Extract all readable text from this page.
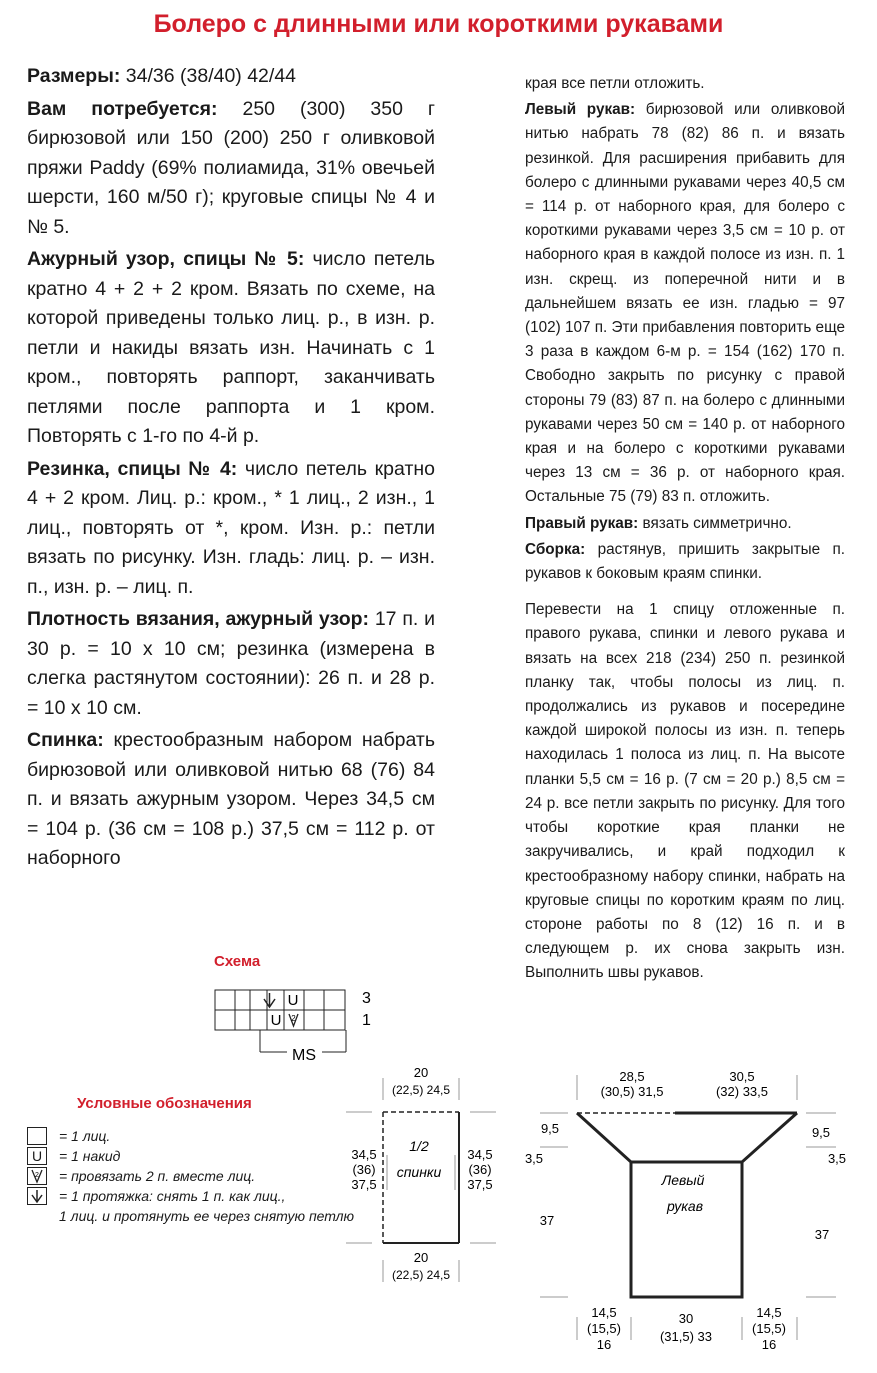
Болеро с длинными или короткими рукавами

Размеры: 34/36 (38/40) 42/44

Вам потребуется: 250 (300) 350 г бирюзовой или 150 (200) 250 г оливковой пряжи Paddy (69% полиамида, 31% овечьей шерсти, 160 м/50 г); круговые спицы № 4 и № 5.

Ажурный узор, спицы № 5: число петель кратно 4 + 2 + 2 кром. Вязать по схеме, на которой приведены только лиц. р., в изн. р. петли и накиды вязать изн. Начинать с 1 кром., повторять раппорт, заканчивать петлями после раппорта и 1 кром. Повторять с 1-го по 4-й р.

Резинка, спицы № 4: число петель кратно 4 + 2 кром. Лиц. р.: кром., * 1 лиц., 2 изн., 1 лиц., повторять от *, кром. Изн. р.: петли вязать по рисунку. Изн. гладь: лиц. р. – изн. п., изн. р. – лиц. п.

Плотность вязания, ажурный узор: 17 п. и 30 р. = 10 х 10 см; резинка (измерена в слегка растянутом состоянии): 26 п. и 28 р. = 10 х 10 см.

Спинка: крестообразным набором набрать бирюзовой или оливковой нитью 68 (76) 84 п. и вязать ажурным узором. Через 34,5 см = 104 р. (36 см = 108 р.) 37,5 см = 112 р. от наборного

края все петли отложить.

Левый рукав: бирюзовой или оливковой нитью набрать 78 (82) 86 п. и вязать резинкой. Для расширения прибавить для болеро с длинными рукавами через 40,5 см = 114 р. от наборного края, для болеро с короткими рукавами через 3,5 см = 10 р. от наборного края в каждой полосе из изн. п. 1 изн. скрещ. из поперечной нити и в дальнейшем вязать ее изн. гладью = 97 (102) 107 п. Эти прибавления повторить еще 3 раза в каждом 6-м р. = 154 (162) 170 п. Свободно закрыть по рисунку с правой стороны 79 (83) 87 п. на болеро с длинными рукавами через 50 см = 140 р. от наборного края и на болеро с короткими рукавами через 13 см = 36 р. от наборного края. Остальные 75 (79) 83 п. отложить.

Правый рукав: вязать симметрично.

Сборка: растянув, пришить закрытые п. рукавов к боковым краям спинки.

Перевести на 1 спицу отложенные п. правого рукава, спинки и левого рукава и вязать на всех 218 (234) 250 п. резинкой планку так, чтобы полосы из лиц. п. продолжались из рукавов и посередине каждой широкой полосы из изн. п. теперь находилась 1 полоса из лиц. п. На высоте планки 5,5 см = 16 р. (7 см = 20 р.) 8,5 см = 24 р. все петли закрыть по рисунку. Для того чтобы короткие края планки не закручивались, и край подходил к крестообразному набору спинки, набрать на круговые спицы по коротким краям по лиц. стороне работы по 8 (12) 16 п. и в следующем р. их снова закрыть изн. Выполнить швы рукавов.

Схема
U
U 2
3
1
MS
Условные обозначения
= 1 лиц.
U	= 1 накид
2 = провязать 2 п. вместе лиц.
= 1 протяжка: снять 1 п. как лиц.,
1 лиц. и протянуть ее через снятую петлю
20
(22,5) 24,5
20
(22,5) 24,5
34,5
(36)
37,5
34,5
(36)
37,5
1/2
спинки
28,5
(30,5) 31,5
30,5
(32) 33,5
9,5	9,5
3,5	3,5
37
37
Левый
рукав
14,5
(15,5)
16
30
(31,5) 33
14,5
(15,5)
16
